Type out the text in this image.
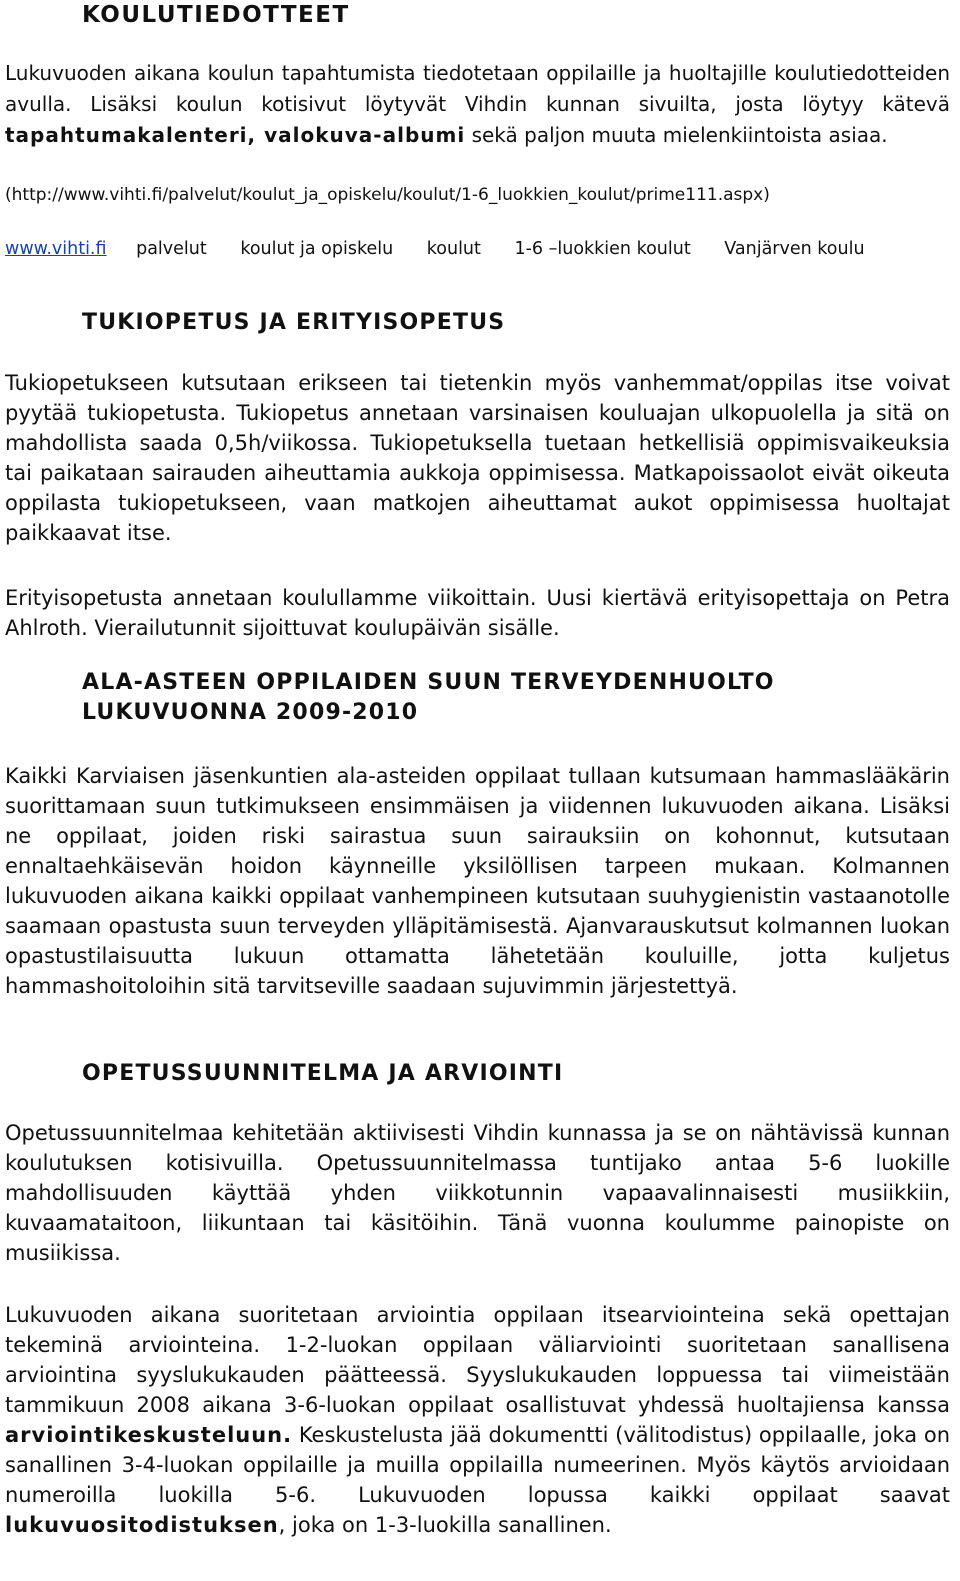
KOULUTIEDOTTEET

Lukuvuoden aikana koulun tapahtumista tiedotetaan oppilaille ja huoltajille koulutiedotteiden avulla. Lisäksi koulun kotisivut löytyvät Vihdin kunnan sivuilta, josta löytyy kätevä tapahtumakalenteri, valokuva-albumi sekä paljon muuta mielenkiintoista asiaa.

(http://www.vihti.fi/palvelut/koulut_ja_opiskelu/koulut/1-6_luokkien_koulut/prime111.aspx)

www.vihti.fi palvelut koulut ja opiskelu koulut 1-6 –luokkien koulut Vanjärven koulu

TUKIOPETUS JA ERITYISOPETUS

Tukiopetukseen kutsutaan erikseen tai tietenkin myös vanhemmat/oppilas itse voivat pyytää tukiopetusta. Tukiopetus annetaan varsinaisen kouluajan ulkopuolella ja sitä on mahdollista saada 0,5h/viikossa. Tukiopetuksella tuetaan hetkellisiä oppimisvaikeuksia tai paikataan sairauden aiheuttamia aukkoja oppimisessa. Matkapoissaolot eivät oikeuta oppilasta tukiopetukseen, vaan matkojen aiheuttamat aukot oppimisessa huoltajat paikkaavat itse.

Erityisopetusta annetaan koulullamme viikoittain. Uusi kiertävä erityisopettaja on Petra Ahlroth. Vierailutunnit sijoittuvat koulupäivän sisälle.

ALA-ASTEEN OPPILAIDEN SUUN TERVEYDENHUOLTO LUKUVUONNA 2009-2010

Kaikki Karviaisen jäsenkuntien ala-asteiden oppilaat tullaan kutsumaan hammaslääkärin suorittamaan suun tutkimukseen ensimmäisen ja viidennen lukuvuoden aikana. Lisäksi ne oppilaat, joiden riski sairastua suun sairauksiin on kohonnut, kutsutaan ennaltaehkäisevän hoidon käynneille yksilöllisen tarpeen mukaan. Kolmannen lukuvuoden aikana kaikki oppilaat vanhempineen kutsutaan suuhygienistin vastaanotolle saamaan opastusta suun terveyden ylläpitämisestä. Ajanvarauskutsut kolmannen luokan opastustilaisuutta lukuun ottamatta lähetetään kouluille, jotta kuljetus hammashoitoloihin sitä tarvitseville saadaan sujuvimmin järjestettyä.

OPETUSSUUNNITELMA JA ARVIOINTI

Opetussuunnitelmaa kehitetään aktiivisesti Vihdin kunnassa ja se on nähtävissä kunnan koulutuksen kotisivuilla. Opetussuunnitelmassa tuntijako antaa 5-6 luokille mahdollisuuden käyttää yhden viikkotunnin vapaavalinnaisesti musiikkiin, kuvaamataitoon, liikuntaan tai käsitöihin. Tänä vuonna koulumme painopiste on musiikissa.

Lukuvuoden aikana suoritetaan arviointia oppilaan itsearviointeina sekä opettajan tekeminä arviointeina. 1-2-luokan oppilaan väliarviointi suoritetaan sanallisena arviointina syyslukukauden päätteessä. Syyslukukauden loppuessa tai viimeistään tammikuun 2008 aikana 3-6-luokan oppilaat osallistuvat yhdessä huoltajiensa kanssa arviointikeskusteluun. Keskustelusta jää dokumentti (välitodistus) oppilaalle, joka on sanallinen 3-4-luokan oppilaille ja muilla oppilailla numeerinen. Myös käytös arvioidaan numeroilla luokilla 5-6. Lukuvuoden lopussa kaikki oppilaat saavat lukuvuositodistuksen, joka on 1-3-luokilla sanallinen.
